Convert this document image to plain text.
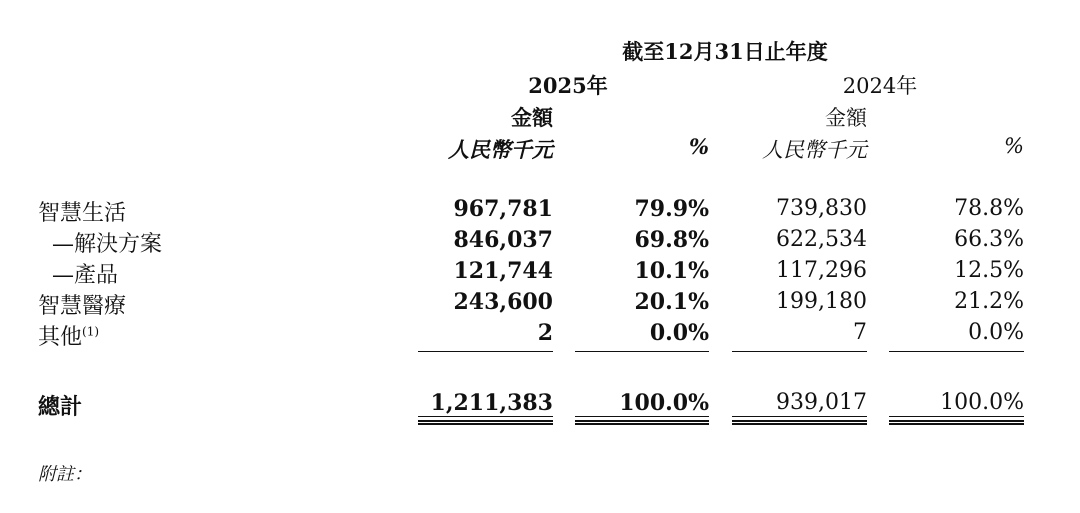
截至12月31日止年度
2025年	2024年
金額	金額
人民幣千元	%	人民幣千元	%
智慧生活	967,781	79.9%	739,830	78.8%
—解決方案	846,037	69.8%	622,534	66.3%
—產品	121,744	10.1%	117,296	12.5%
智慧醫療	243,600	20.1%	199,180	21.2%
其他$^{(1)}$	2	0.0%	7	0.0%
總計	1,211,383	100.0%	939,017	100.0%
附註：
